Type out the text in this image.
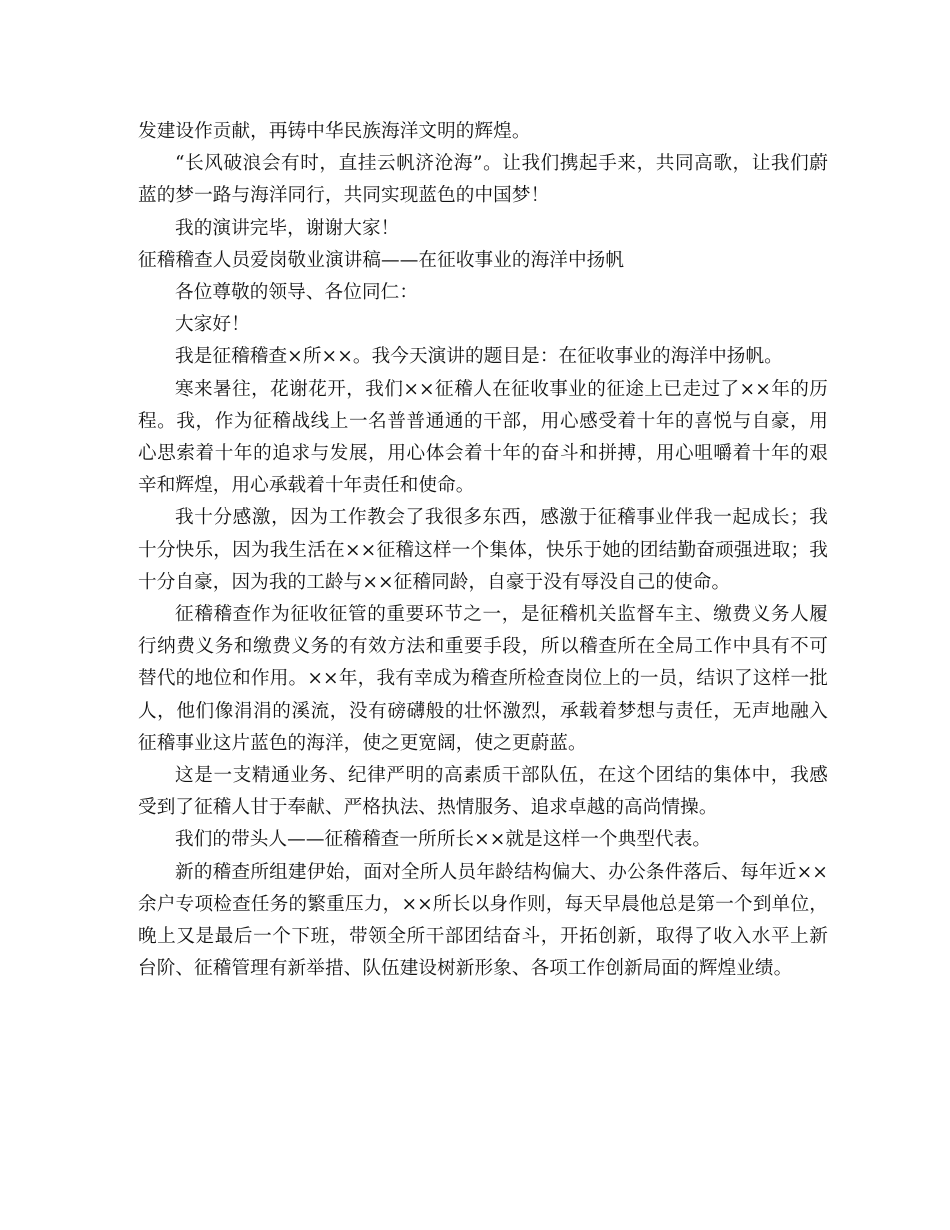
发建设作贡献，再铸中华民族海洋文明的辉煌。

“长风破浪会有时，直挂云帆济沧海”。让我们携起手来，共同高歌，让我们蔚蓝的梦一路与海洋同行，共同实现蓝色的中国梦！

我的演讲完毕，谢谢大家！

征稽稽查人员爱岗敬业演讲稿——在征收事业的海洋中扬帆

各位尊敬的领导、各位同仁：

大家好！

我是征稽稽查×所××。我今天演讲的题目是：在征收事业的海洋中扬帆。

寒来暑往，花谢花开，我们××征稽人在征收事业的征途上已走过了××年的历程。我，作为征稽战线上一名普普通通的干部，用心感受着十年的喜悦与自豪，用心思索着十年的追求与发展，用心体会着十年的奋斗和拼搏，用心咀嚼着十年的艰辛和辉煌，用心承载着十年责任和使命。

我十分感激，因为工作教会了我很多东西，感激于征稽事业伴我一起成长；我十分快乐，因为我生活在××征稽这样一个集体，快乐于她的团结勤奋顽强进取；我十分自豪，因为我的工龄与××征稽同龄，自豪于没有辱没自己的使命。

征稽稽查作为征收征管的重要环节之一，是征稽机关监督车主、缴费义务人履行纳费义务和缴费义务的有效方法和重要手段，所以稽查所在全局工作中具有不可替代的地位和作用。××年，我有幸成为稽查所检查岗位上的一员，结识了这样一批人，他们像涓涓的溪流，没有磅礴般的壮怀激烈，承载着梦想与责任，无声地融入征稽事业这片蓝色的海洋，使之更宽阔，使之更蔚蓝。

这是一支精通业务、纪律严明的高素质干部队伍，在这个团结的集体中，我感受到了征稽人甘于奉献、严格执法、热情服务、追求卓越的高尚情操。

我们的带头人——征稽稽查一所所长××就是这样一个典型代表。

新的稽查所组建伊始，面对全所人员年龄结构偏大、办公条件落后、每年近××余户专项检查任务的繁重压力，××所长以身作则，每天早晨他总是第一个到单位，晚上又是最后一个下班，带领全所干部团结奋斗，开拓创新，取得了收入水平上新台阶、征稽管理有新举措、队伍建设树新形象、各项工作创新局面的辉煌业绩。
